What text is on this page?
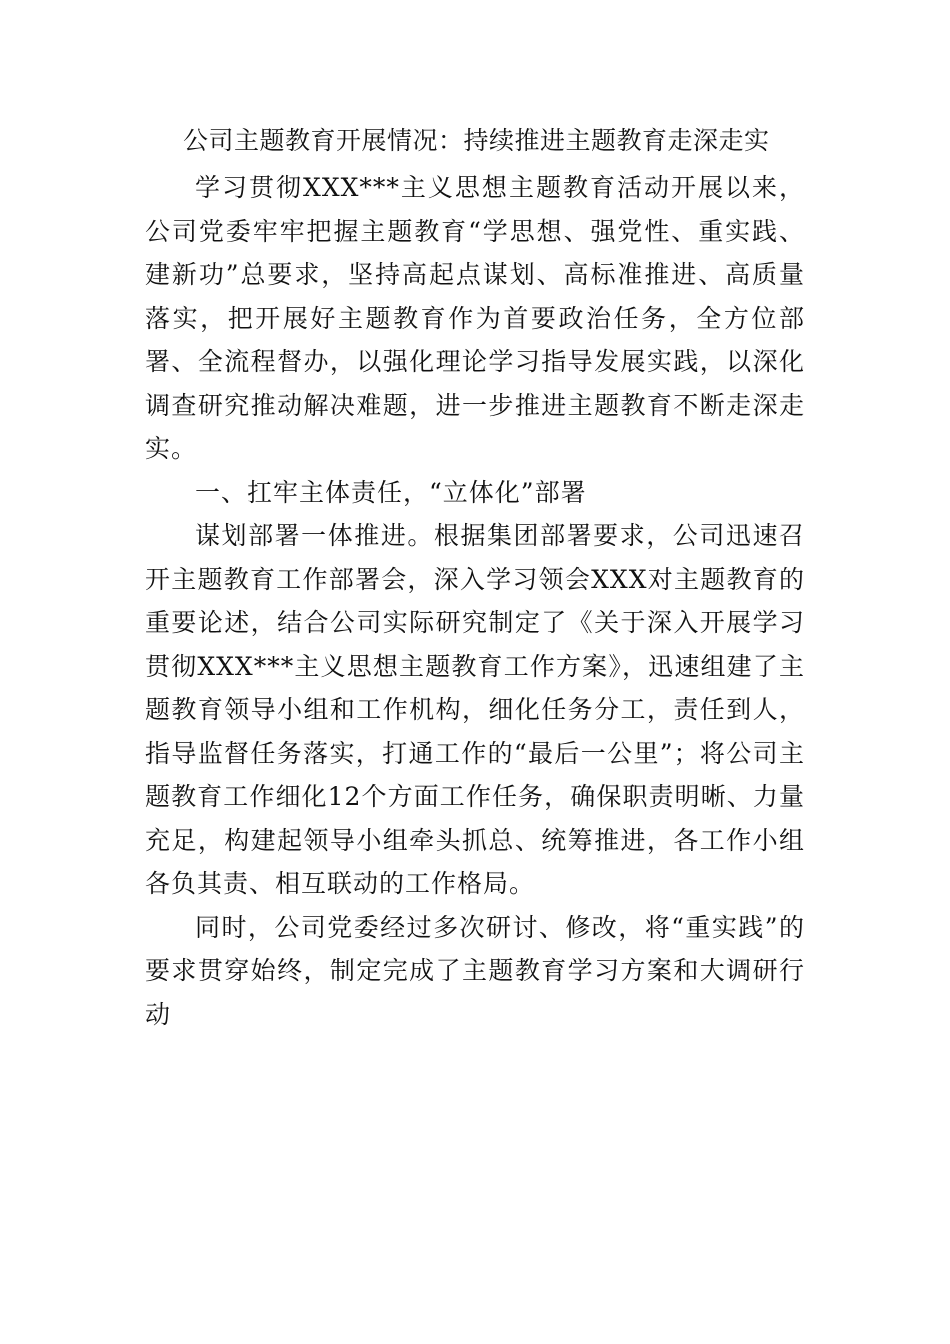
公司主题教育开展情况：持续推进主题教育走深走实

学习贯彻XXX***主义思想主题教育活动开展以来，公司党委牢牢把握主题教育“学思想、强党性、重实践、建新功”总要求，坚持高起点谋划、高标准推进、高质量落实，把开展好主题教育作为首要政治任务，全方位部署、全流程督办，以强化理论学习指导发展实践，以深化调查研究推动解决难题，进一步推进主题教育不断走深走实。

一、扛牢主体责任，“立体化”部署

谋划部署一体推进。根据集团部署要求，公司迅速召开主题教育工作部署会，深入学习领会XXX对主题教育的重要论述，结合公司实际研究制定了《关于深入开展学习贯彻XXX***主义思想主题教育工作方案》，迅速组建了主题教育领导小组和工作机构，细化任务分工，责任到人，指导监督任务落实，打通工作的“最后一公里”；将公司主题教育工作细化12个方面工作任务，确保职责明晰、力量充足，构建起领导小组牵头抓总、统筹推进，各工作小组各负其责、相互联动的工作格局。

同时，公司党委经过多次研讨、修改，将“重实践”的要求贯穿始终，制定完成了主题教育学习方案和大调研行动
